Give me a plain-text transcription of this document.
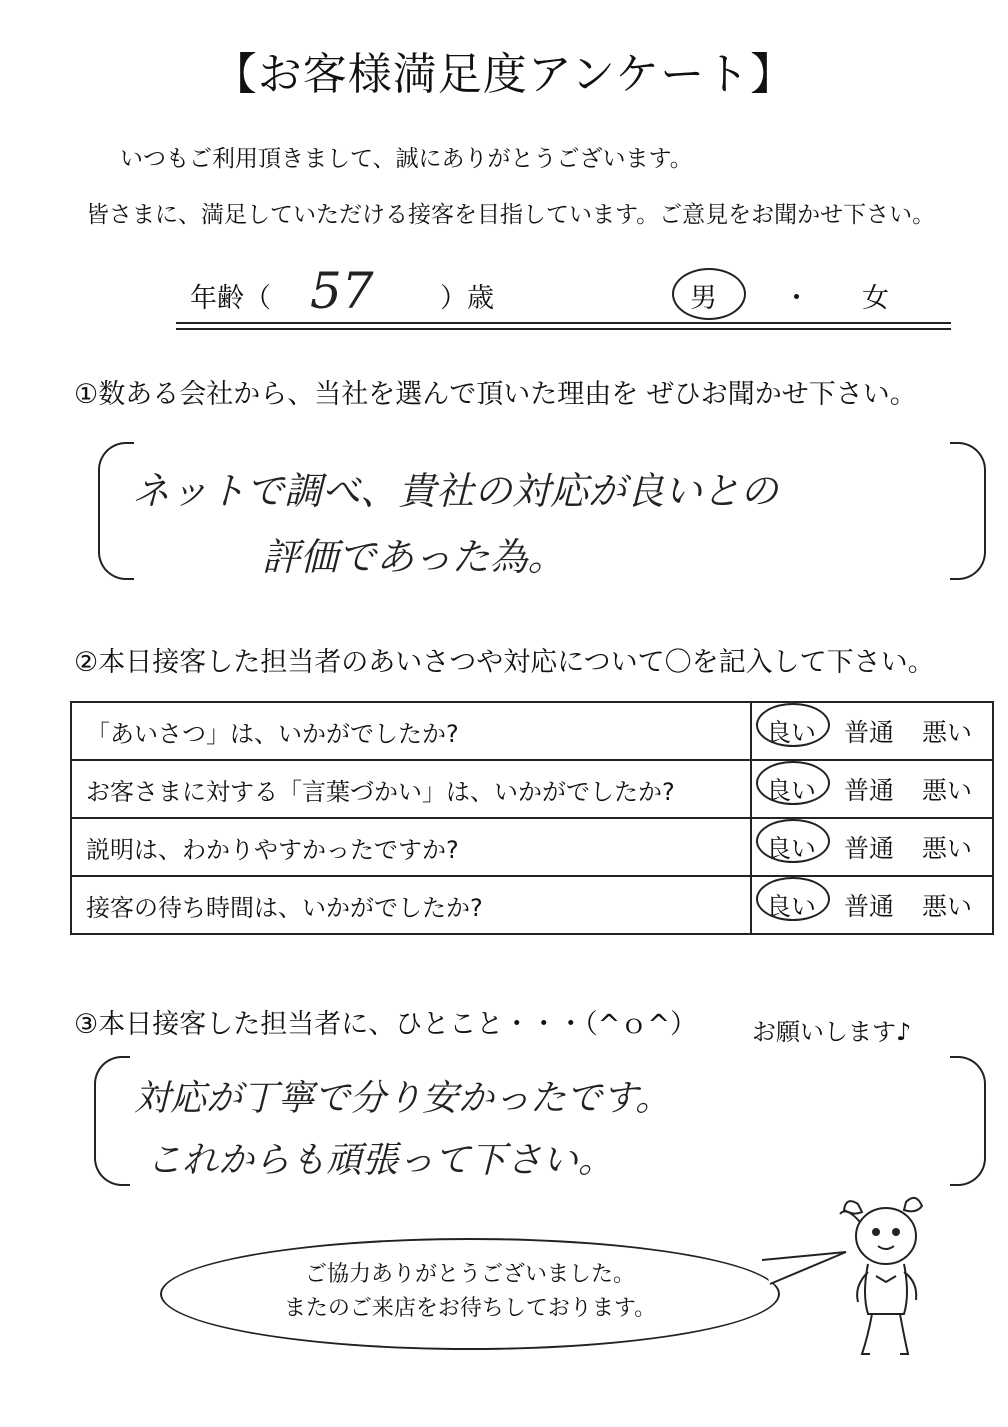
【お客様満足度アンケート】
いつもご利用頂きまして、誠にありがとうございます。
皆さまに、満足していただける接客を目指しています。ご意見をお聞かせ下さい。
年齢（ 57 ）歳	男 ・ 女
①数ある会社から、当社を選んで頂いた理由を ぜひお聞かせ下さい。
ネットで調べ、貴社の対応が良いとの
評価であった為。
②本日接客した担当者のあいさつや対応について〇を記入して下さい。
「あいさつ」は、いかがでしたか?	良い 普通 悪い
お客さまに対する「言葉づかい」は、いかがでしたか?	良い 普通 悪い
説明は、わかりやすかったですか?	良い 普通 悪い
接客の待ち時間は、いかがでしたか?	良い 普通 悪い
③本日接客した担当者に、ひとこと・・・（^ｏ^） お願いします♪
対応が丁寧で分り安かったです。
これからも頑張って下さい。
ご協力ありがとうございました。
またのご来店をお待ちしております。
